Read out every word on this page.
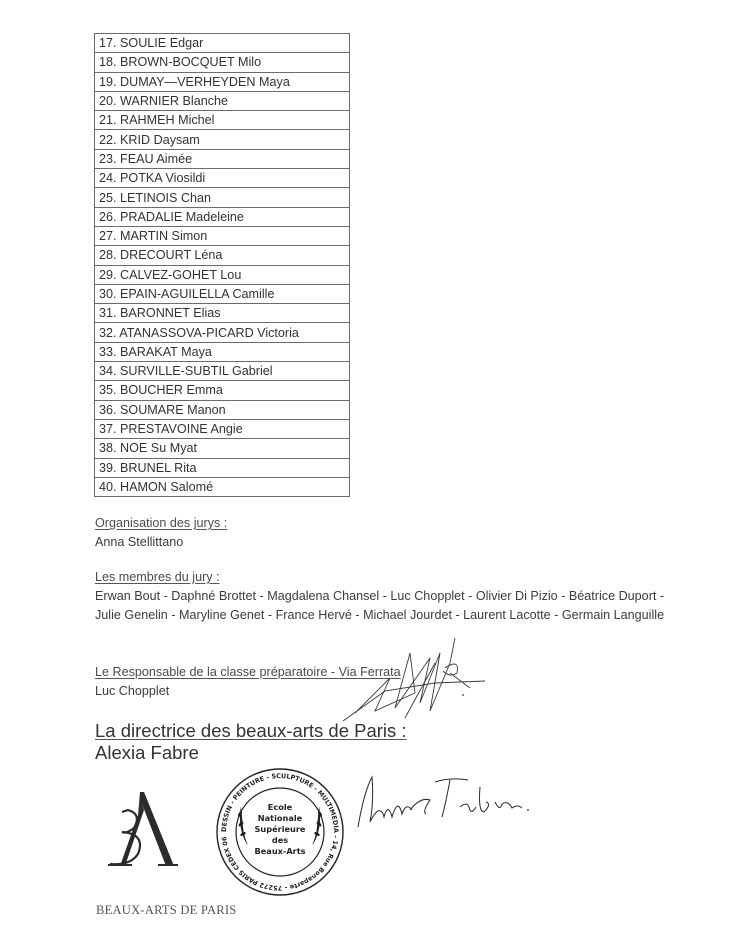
17. SOULIE Edgar
18. BROWN-BOCQUET Milo
19. DUMAY—VERHEYDEN Maya
20. WARNIER Blanche
21. RAHMEH Michel
22. KRID Daysam
23. FEAU Aimée
24. POTKA Viosildi
25. LETINOIS Chan
26. PRADALIE Madeleine
27. MARTIN Simon
28. DRECOURT Léna
29. CALVEZ-GOHET Lou
30. EPAIN-AGUILELLA Camille
31. BARONNET Elias
32. ATANASSOVA-PICARD Victoria
33. BARAKAT Maya
34. SURVILLE-SUBTIL Gabriel
35. BOUCHER Emma
36. SOUMARE Manon
37. PRESTAVOINE Angie
38. NOE Su Myat
39. BRUNEL Rita
40. HAMON Salomé
Organisation des jurys :
Anna Stellittano
Les membres du jury :
Erwan Bout - Daphné Brottet - Magdalena Chansel - Luc Chopplet - Olivier Di Pizio - Béatrice Duport - Julie Genelin - Maryline Genet - France Hervé - Michael Jourdet - Laurent Lacotte - Germain Languille
Le Responsable de la classe préparatoire - Via Ferrata
Luc Chopplet
La directrice des beaux-arts de Paris :
Alexia Fabre
DESSIN - PEINTURE - SCULPTURE - MULTIMEDIA - 14, Rue Bonaparte - 75272 PARIS CEDEX 06
Ecole
Nationale
Supérieure
des
Beaux-Arts
BEAUX-ARTS DE PARIS
